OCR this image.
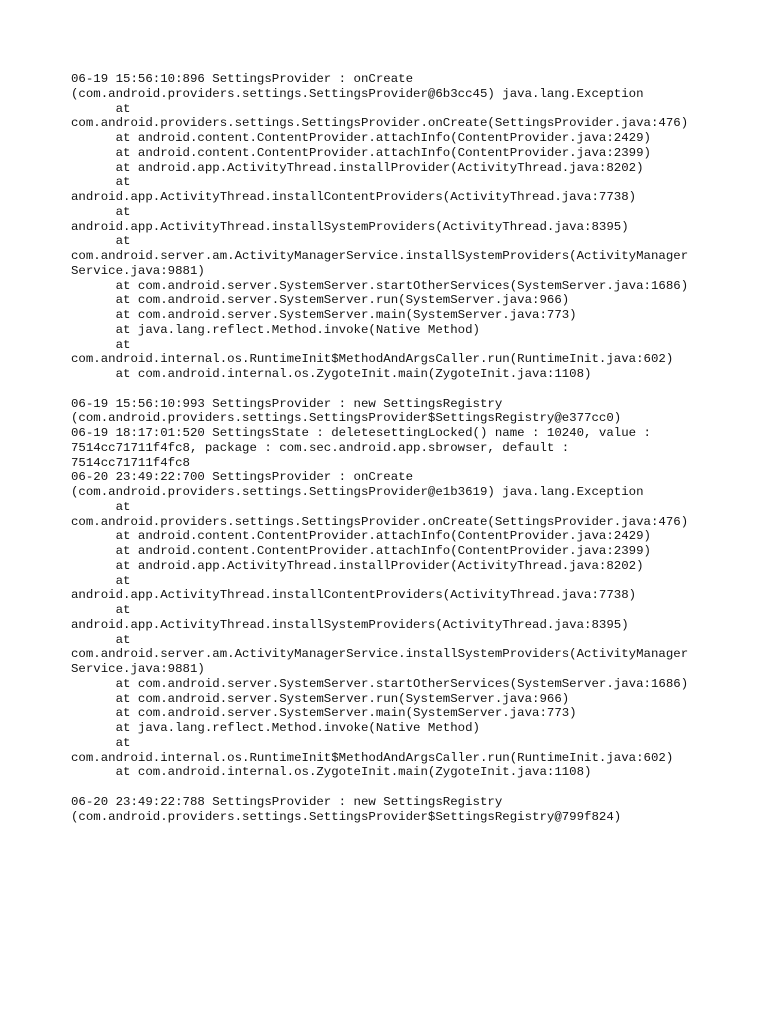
06-19 15:56:10:896 SettingsProvider : onCreate
(com.android.providers.settings.SettingsProvider@6b3cc45) java.lang.Exception
at
com.android.providers.settings.SettingsProvider.onCreate(SettingsProvider.java:476)
at android.content.ContentProvider.attachInfo(ContentProvider.java:2429)
at android.content.ContentProvider.attachInfo(ContentProvider.java:2399)
at android.app.ActivityThread.installProvider(ActivityThread.java:8202)
at
android.app.ActivityThread.installContentProviders(ActivityThread.java:7738)
at
android.app.ActivityThread.installSystemProviders(ActivityThread.java:8395)
at
com.android.server.am.ActivityManagerService.installSystemProviders(ActivityManager
Service.java:9881)
at com.android.server.SystemServer.startOtherServices(SystemServer.java:1686)
at com.android.server.SystemServer.run(SystemServer.java:966)
at com.android.server.SystemServer.main(SystemServer.java:773)
at java.lang.reflect.Method.invoke(Native Method)
at
com.android.internal.os.RuntimeInit$MethodAndArgsCaller.run(RuntimeInit.java:602)
at com.android.internal.os.ZygoteInit.main(ZygoteInit.java:1108)
06-19 15:56:10:993 SettingsProvider : new SettingsRegistry
(com.android.providers.settings.SettingsProvider$SettingsRegistry@e377cc0)
06-19 18:17:01:520 SettingsState : deletesettingLocked() name : 10240, value :
7514cc71711f4fc8, package : com.sec.android.app.sbrowser, default :
7514cc71711f4fc8
06-20 23:49:22:700 SettingsProvider : onCreate
(com.android.providers.settings.SettingsProvider@e1b3619) java.lang.Exception
at
com.android.providers.settings.SettingsProvider.onCreate(SettingsProvider.java:476)
at android.content.ContentProvider.attachInfo(ContentProvider.java:2429)
at android.content.ContentProvider.attachInfo(ContentProvider.java:2399)
at android.app.ActivityThread.installProvider(ActivityThread.java:8202)
at
android.app.ActivityThread.installContentProviders(ActivityThread.java:7738)
at
android.app.ActivityThread.installSystemProviders(ActivityThread.java:8395)
at
com.android.server.am.ActivityManagerService.installSystemProviders(ActivityManager
Service.java:9881)
at com.android.server.SystemServer.startOtherServices(SystemServer.java:1686)
at com.android.server.SystemServer.run(SystemServer.java:966)
at com.android.server.SystemServer.main(SystemServer.java:773)
at java.lang.reflect.Method.invoke(Native Method)
at
com.android.internal.os.RuntimeInit$MethodAndArgsCaller.run(RuntimeInit.java:602)
at com.android.internal.os.ZygoteInit.main(ZygoteInit.java:1108)
06-20 23:49:22:788 SettingsProvider : new SettingsRegistry
(com.android.providers.settings.SettingsProvider$SettingsRegistry@799f824)
